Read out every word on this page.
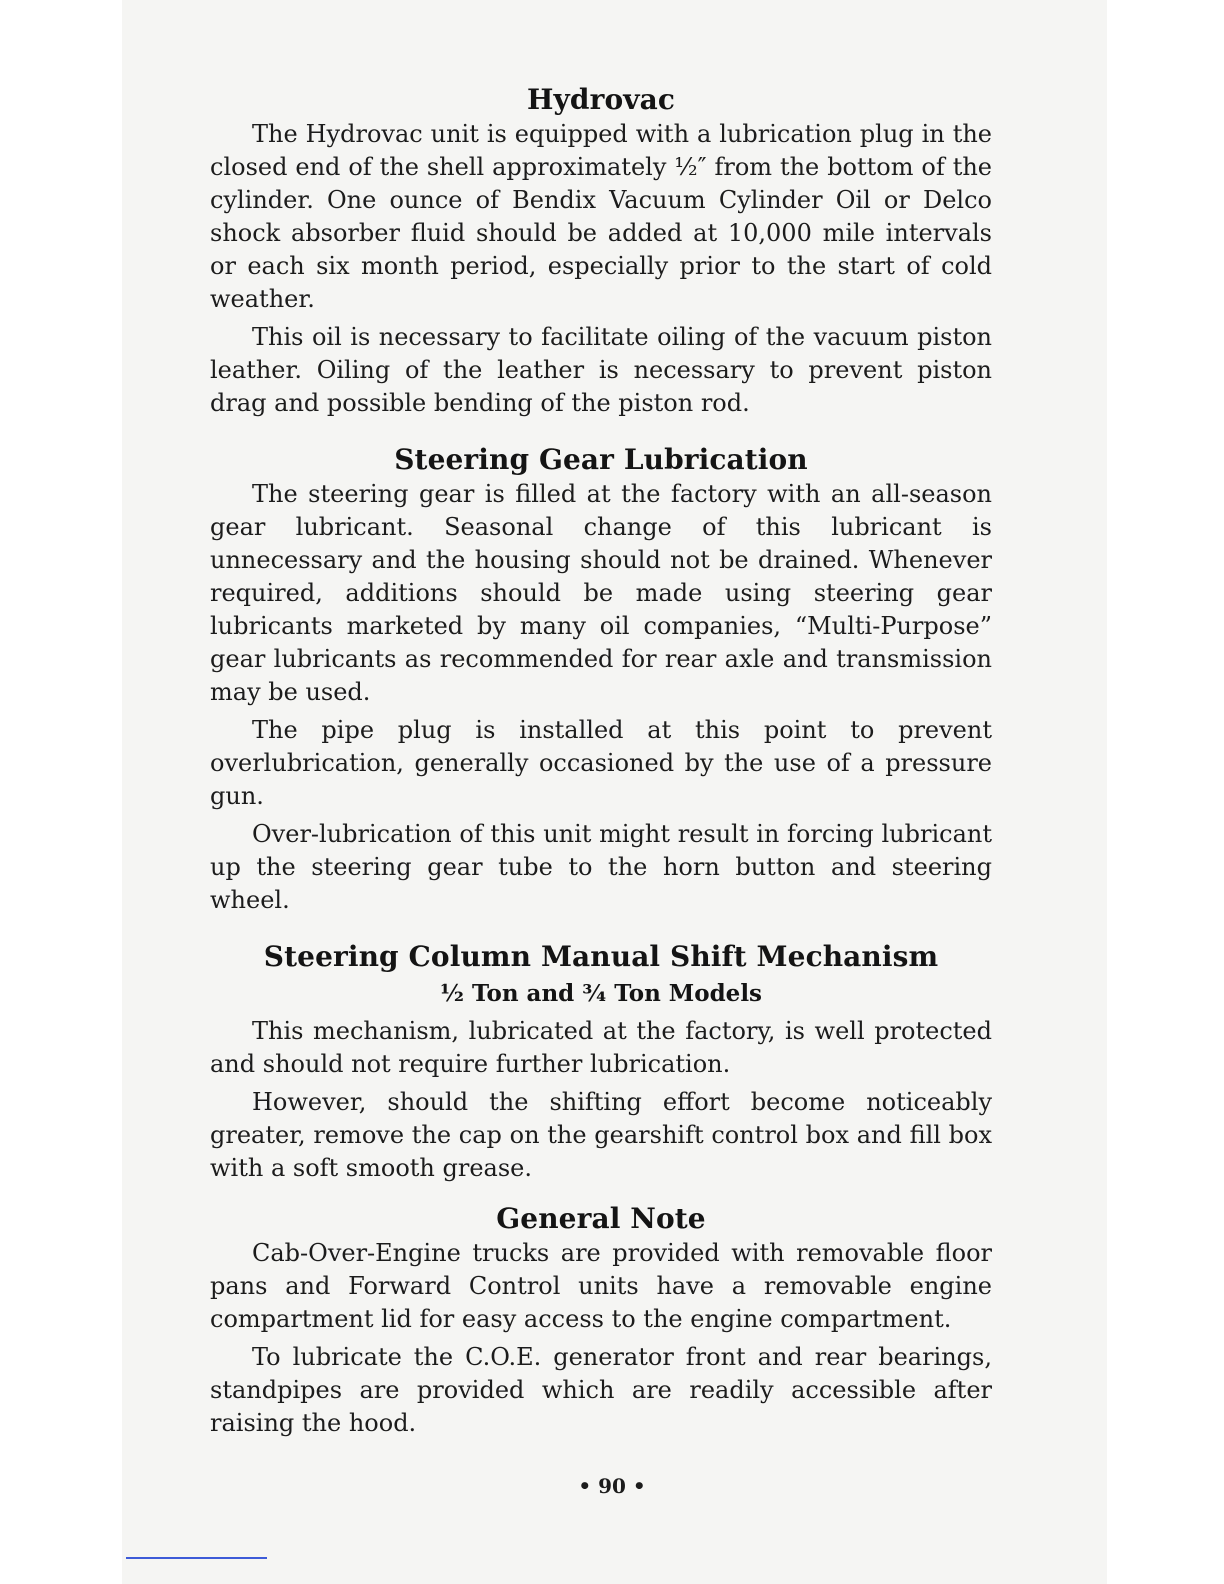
Hydrovac

The Hydrovac unit is equipped with a lubrication plug in the closed end of the shell approximately ½″ from the bottom of the cylinder. One ounce of Bendix Vacuum Cylinder Oil or Delco shock absorber fluid should be added at 10,000 mile intervals or each six month period, especially prior to the start of cold weather.

This oil is necessary to facilitate oiling of the vacuum piston leather. Oiling of the leather is necessary to prevent piston drag and possible bending of the piston rod.

Steering Gear Lubrication

The steering gear is filled at the factory with an all-season gear lubricant. Seasonal change of this lubricant is unnecessary and the housing should not be drained. Whenever required, additions should be made using steering gear lubricants marketed by many oil companies, “Multi-Purpose” gear lubricants as recommended for rear axle and transmission may be used.

The pipe plug is installed at this point to prevent overlubrication, generally occasioned by the use of a pressure gun.

Over-lubrication of this unit might result in forcing lubricant up the steering gear tube to the horn button and steering wheel.

Steering Column Manual Shift Mechanism
½ Ton and ¾ Ton Models

This mechanism, lubricated at the factory, is well protected and should not require further lubrication.

However, should the shifting effort become noticeably greater, remove the cap on the gearshift control box and fill box with a soft smooth grease.

General Note

Cab-Over-Engine trucks are provided with removable floor pans and Forward Control units have a removable engine compartment lid for easy access to the engine compartment.

To lubricate the C.O.E. generator front and rear bearings, standpipes are provided which are readily accessible after raising the hood.

• 90 •
